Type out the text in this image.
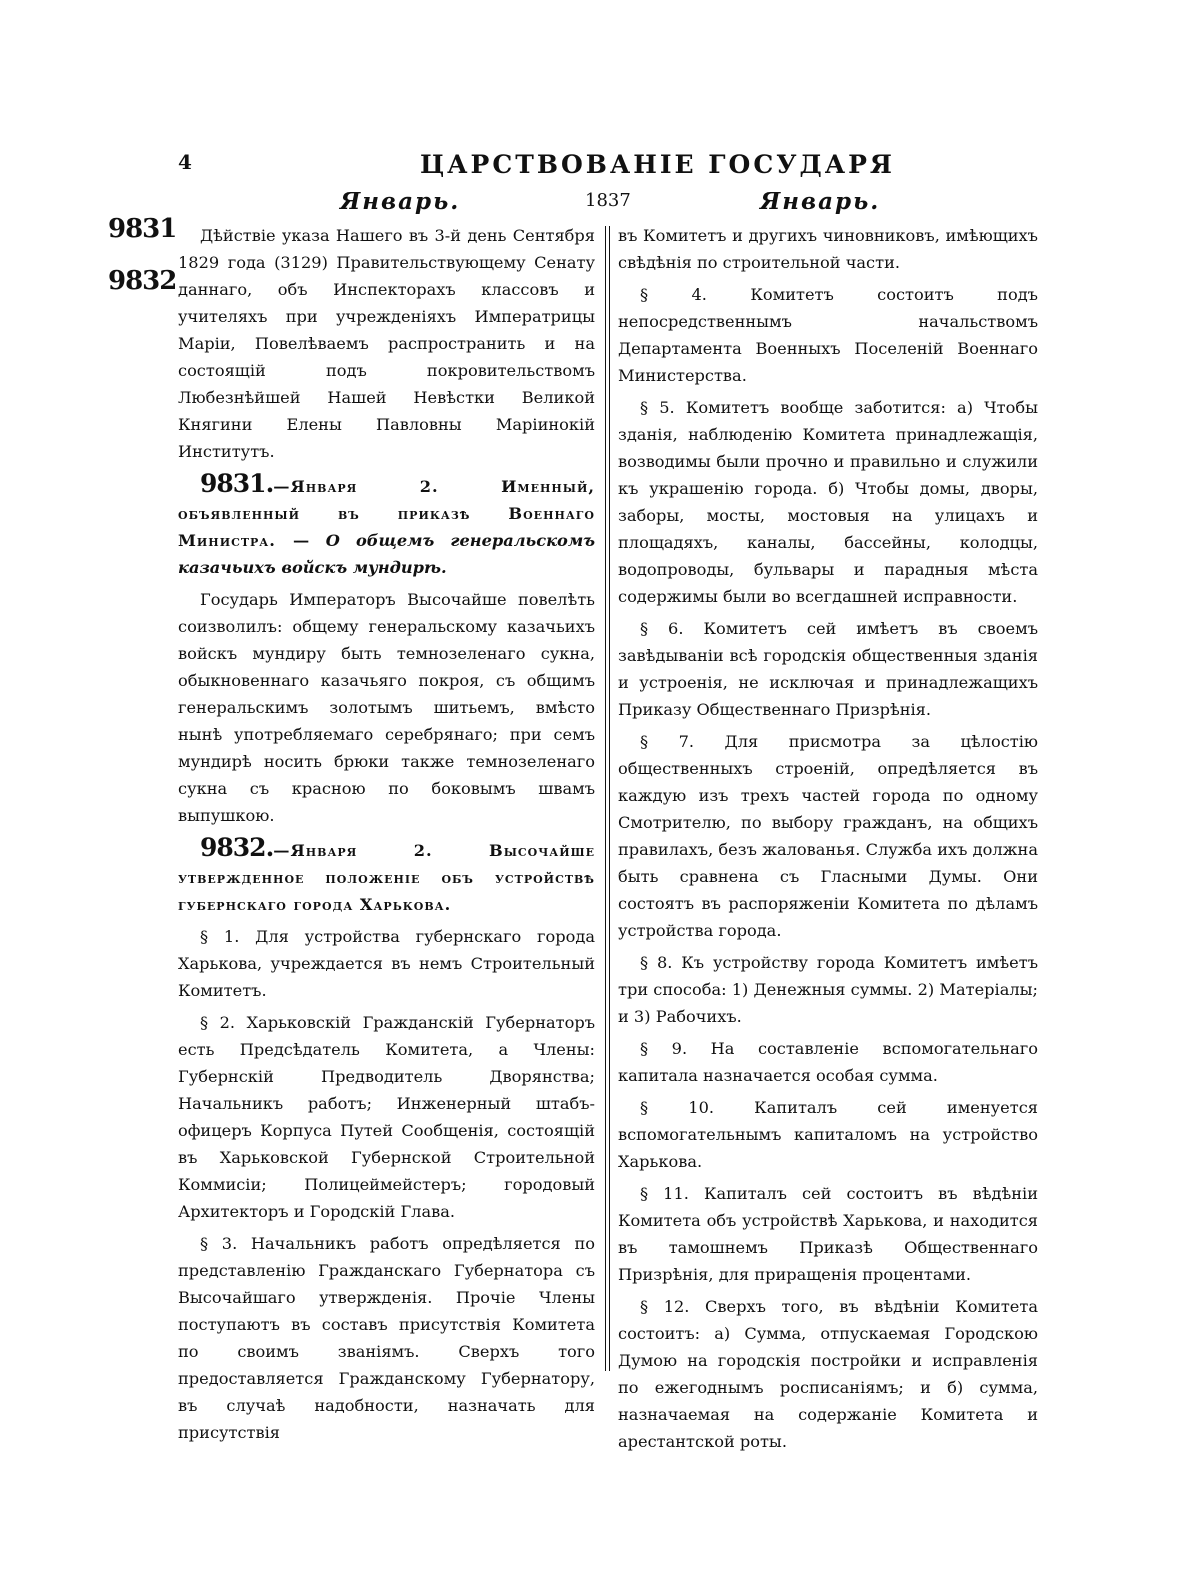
4	ЦАРСТВОВАНІЕ ГОСУДАРЯ
Январь.	1837	Январь.
9831
9832

Дѣйствіе указа Нашего въ 3-й день Сентября 1829 года (3129) Правительствующему Сенату даннаго, объ Инспекторахъ классовъ и учителяхъ при учрежденіяхъ Императрицы Маріи, Повелѣваемъ распространить и на состоящій подъ покровительствомъ Любезнѣйшей Нашей Невѣстки Великой Княгини Елены Павловны Маріинокій Институтъ.

9831.—Января 2. Именный, объявленный въ приказѣ Военнаго Министра. — О общемъ генеральскомъ казачьихъ войскъ мундирѣ.

Государь Императоръ Высочайше повелѣть соизволилъ: общему генеральскому казачьихъ войскъ мундиру быть темнозеленаго сукна, обыкновеннаго казачьяго покроя, съ общимъ генеральскимъ золотымъ шитьемъ, вмѣсто нынѣ употребляемаго серебрянаго; при семъ мундирѣ носить брюки также темнозеленаго сукна съ красною по боковымъ швамъ выпушкою.

9832.—Января 2. Высочайше утвержденное положеніе объ устройствѣ губернскаго города Харькова.

§ 1. Для устройства губернскаго города Харькова, учреждается въ немъ Строительный Комитетъ.

§ 2. Харьковскій Гражданскій Губернаторъ есть Предсѣдатель Комитета, а Члены: Губернскій Предводитель Дворянства; Начальникъ работъ; Инженерный штабъ-офицеръ Корпуса Путей Сообщенія, состоящій въ Харьковской Губернской Строительной Коммисіи; Полицеймейстеръ; городовый Архитекторъ и Городскій Глава.

§ 3. Начальникъ работъ опредѣляется по представленію Гражданскаго Губернатора съ Высочайшаго утвержденія. Прочіе Члены поступаютъ въ составъ присутствія Комитета по своимъ званіямъ. Сверхъ того предоставляется Гражданскому Губернатору, въ случаѣ надобности, назначать для присутствія

въ Комитетъ и другихъ чиновниковъ, имѣющихъ свѣдѣнія по строительной части.

§ 4. Комитетъ состоитъ подъ непосредственнымъ начальствомъ Департамента Военныхъ Поселеній Военнаго Министерства.

§ 5. Комитетъ вообще заботится: а) Чтобы зданія, наблюденію Комитета принадлежащія, возводимы были прочно и правильно и служили къ украшенію города. б) Чтобы домы, дворы, заборы, мосты, мостовыя на улицахъ и площадяхъ, каналы, бассейны, колодцы, водопроводы, бульвары и парадныя мѣста содержимы были во всегдашней исправности.

§ 6. Комитетъ сей имѣетъ въ своемъ завѣдываніи всѣ городскія общественныя зданія и устроенія, не исключая и принадлежащихъ Приказу Общественнаго Призрѣнія.

§ 7. Для присмотра за цѣлостію общественныхъ строеній, опредѣляется въ каждую изъ трехъ частей города по одному Смотрителю, по выбору гражданъ, на общихъ правилахъ, безъ жалованья. Служба ихъ должна быть сравнена съ Гласными Думы. Они состоятъ въ распоряженіи Комитета по дѣламъ устройства города.

§ 8. Къ устройству города Комитетъ имѣетъ три способа: 1) Денежныя суммы. 2) Матеріалы; и 3) Рабочихъ.

§ 9. На составленіе вспомогательнаго капитала назначается особая сумма.

§ 10. Капиталъ сей именуется вспомогательнымъ капиталомъ на устройство Харькова.

§ 11. Капиталъ сей состоитъ въ вѣдѣніи Комитета объ устройствѣ Харькова, и находится въ тамошнемъ Приказѣ Общественнаго Призрѣнія, для приращенія процентами.

§ 12. Сверхъ того, въ вѣдѣніи Комитета состоитъ: а) Сумма, отпускаемая Городскою Думою на городскія постройки и исправленія по ежегоднымъ росписаніямъ; и б) сумма, назначаемая на содержаніе Комитета и арестантской роты.
